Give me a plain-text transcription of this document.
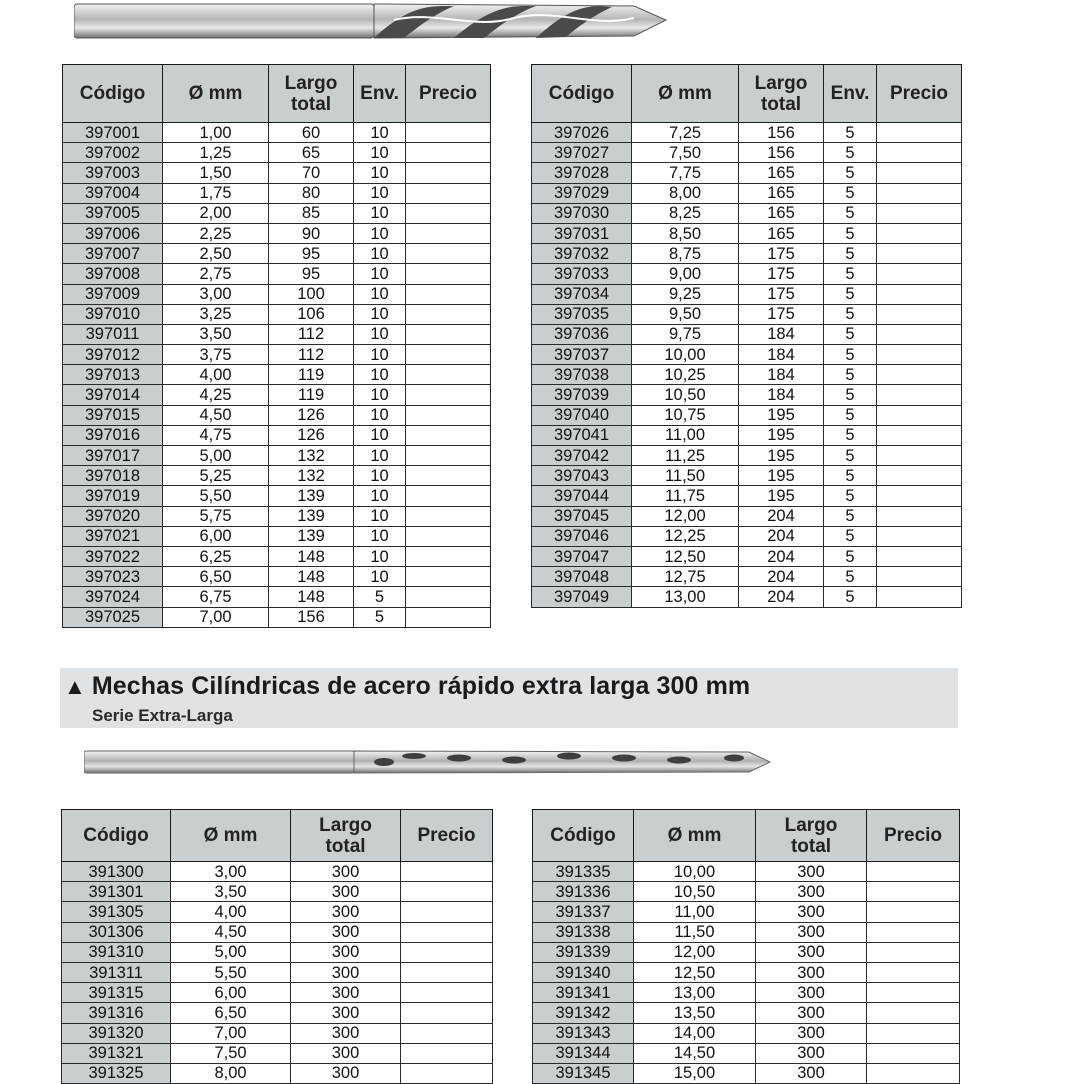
Código	Ø mm	Largo
total	Env.	Precio
397001	1,00	60	10	
397002	1,25	65	10	
397003	1,50	70	10	
397004	1,75	80	10	
397005	2,00	85	10	
397006	2,25	90	10	
397007	2,50	95	10	
397008	2,75	95	10	
397009	3,00	100	10	
397010	3,25	106	10	
397011	3,50	112	10	
397012	3,75	112	10	
397013	4,00	119	10	
397014	4,25	119	10	
397015	4,50	126	10	
397016	4,75	126	10	
397017	5,00	132	10	
397018	5,25	132	10	
397019	5,50	139	10	
397020	5,75	139	10	
397021	6,00	139	10	
397022	6,25	148	10	
397023	6,50	148	10	
397024	6,75	148	5	
397025	7,00	156	5	
Código	Ø mm	Largo
total	Env.	Precio
397026	7,25	156	5	
397027	7,50	156	5	
397028	7,75	165	5	
397029	8,00	165	5	
397030	8,25	165	5	
397031	8,50	165	5	
397032	8,75	175	5	
397033	9,00	175	5	
397034	9,25	175	5	
397035	9,50	175	5	
397036	9,75	184	5	
397037	10,00	184	5	
397038	10,25	184	5	
397039	10,50	184	5	
397040	10,75	195	5	
397041	11,00	195	5	
397042	11,25	195	5	
397043	11,50	195	5	
397044	11,75	195	5	
397045	12,00	204	5	
397046	12,25	204	5	
397047	12,50	204	5	
397048	12,75	204	5	
397049	13,00	204	5	
▲ Mechas Cilíndricas de acero rápido extra larga 300 mm
Serie Extra-Larga
Código	Ø mm	Largo
total	Precio
391300	3,00	300	
391301	3,50	300	
391305	4,00	300	
301306	4,50	300	
391310	5,00	300	
391311	5,50	300	
391315	6,00	300	
391316	6,50	300	
391320	7,00	300	
391321	7,50	300	
391325	8,00	300	
Código	Ø mm	Largo
total	Precio
391335	10,00	300	
391336	10,50	300	
391337	11,00	300	
391338	11,50	300	
391339	12,00	300	
391340	12,50	300	
391341	13,00	300	
391342	13,50	300	
391343	14,00	300	
391344	14,50	300	
391345	15,00	300	
